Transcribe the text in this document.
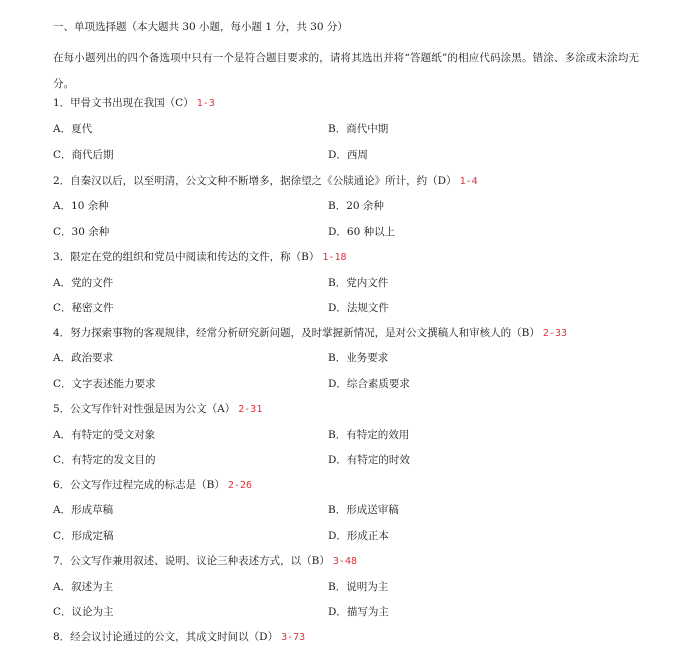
一、单项选择题（本大题共 30 小题，每小题 1 分，共 30 分）
在每小题列出的四个备选项中只有一个是符合题目要求的，请将其选出并将“答题纸”的相应代码涂黑。错涂、多涂或未涂均无分。
1．甲骨文书出现在我国（C） 1-3
A．夏代	B．商代中期
C．商代后期	D．西周
2．自秦汉以后，以至明清，公文文种不断增多，据徐望之《公牍通论》所计，约（D） 1-4
A．10 余种	B．20 余种
C．30 余种	D．60 种以上
3．限定在党的组织和党员中阅读和传达的文件，称（B） 1-18
A．党的文件	B．党内文件
C．秘密文件	D．法规文件
4．努力探索事物的客观规律，经常分析研究新问题，及时掌握新情况，是对公文撰稿人和审核人的（B） 2-33
A．政治要求	B．业务要求
C．文字表述能力要求	D．综合素质要求
5．公文写作针对性强是因为公文（A） 2-31
A．有特定的受文对象	B．有特定的效用
C．有特定的发文目的	D．有特定的时效
6．公文写作过程完成的标志是（B） 2-26
A．形成草稿	B．形成送审稿
C．形成定稿	D．形成正本
7．公文写作兼用叙述、说明、议论三种表述方式，以（B） 3-48
A．叙述为主	B．说明为主
C．议论为主	D．描写为主
8．经会议讨论通过的公文，其成文时间以（D） 3-73
